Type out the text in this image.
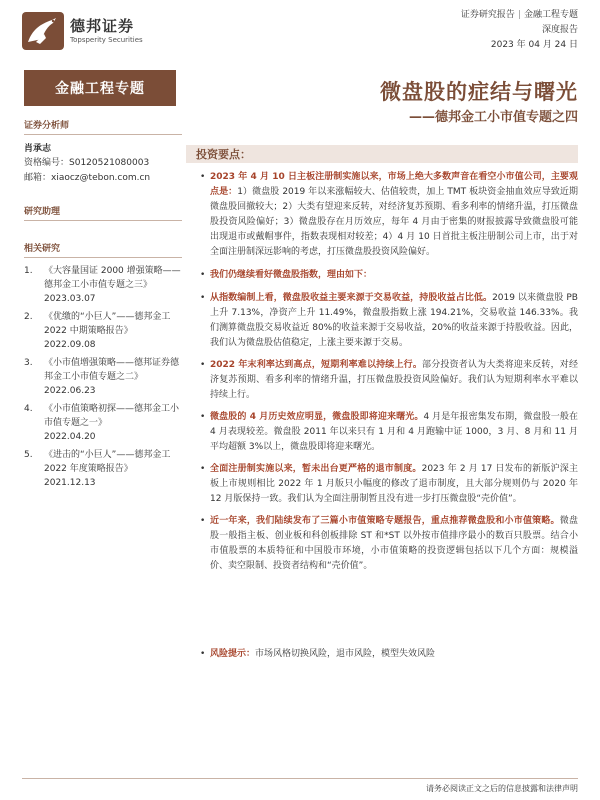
德邦证券
Topsperity Securities
证券研究报告 | 金融工程专题
深度报告
2023 年 04 月 24 日
金融工程专题	微盘股的症结与曙光
——德邦金工小市值专题之四
证券分析师
肖承志
资格编号：S0120521080003
邮箱：xiaocz@tebon.com.cn
研究助理
相关研究
1.	《大容量国证 2000 增强策略——德邦金工小市值专题之三》
2023.03.07
2.	《优缴的“小巨人”——德邦金工 2022 中期策略报告》
2022.09.08
3.	《小市值增强策略——德邦证券德邦金工小市值专题之二》
2022.06.23
4.	《小市值策略初探——德邦金工小市值专题之一》
2022.04.20
5.	《进击的“小巨人”——德邦金工 2022 年度策略报告》
2021.12.13
投资要点：
• 2023 年 4 月 10 日主板注册制实施以来，市场上绝大多数声音在看空小市值公司，主要观点是：1）微盘股 2019 年以来涨幅较大、估值较贵，加上 TMT 板块资金抽血效应导致近期微盘股回撤较大；2）大类有望迎来反转，对经济复苏预期、看多利率的情绪升温，打压微盘股投资风险偏好；3）微盘股存在月历效应，每年 4 月由于密集的财报披露导致微盘股可能出现退市或戴帽事件，指数表现相对较差；4）4 月 10 日首批主板注册制公司上市，出于对全面注册制深远影响的考虑，打压微盘股投资风险偏好。
• 我们仍继续看好微盘股指数，理由如下：
• 从指数编制上看，微盘股收益主要来源于交易收益，持股收益占比低。2019 以来微盘股 PB 上升 7.13%，净资产上升 11.49%，微盘股指数上涨 194.21%，交易收益 146.33%。我们测算微盘股交易收益近 80%的收益来源于交易收益，20%的收益来源于持股收益。因此，我们认为微盘股估值稳定，上涨主要来源于交易。
• 2022 年末利率达到高点，短期利率难以持续上行。部分投资者认为大类将迎来反转，对经济复苏预期、看多利率的情绪升温，打压微盘股投资风险偏好。我们认为短期利率水平难以持续上行。
• 微盘股的 4 月历史效应明显，微盘股即将迎来曙光。4 月是年报密集发布期，微盘股一般在 4 月表现较差。微盘股 2011 年以来只有 1 月和 4 月跑输中证 1000，3 月、8 月和 11 月平均超额 3%以上，微盘股即将迎来曙光。
• 全面注册制实施以来，暂未出台更严格的退市制度。2023 年 2 月 17 日发布的新版沪深主板上市规则相比 2022 年 1 月版只小幅度的修改了退市制度，且大部分规则仍与 2020 年 12 月版保持一致。我们认为全面注册制暂且没有进一步打压微盘股“壳价值”。
• 近一年来，我们陆续发布了三篇小市值策略专题报告，重点推荐微盘股和小市值策略。微盘股一般指主板、创业板和科创板排除 ST 和*ST 以外按市值排序最小的数百只股票。结合小市值股票的本质特征和中国股市环境，小市值策略的投资逻辑包括以下几个方面：规模溢价、卖空限制、投资者结构和“壳价值”。
• 风险提示：市场风格切换风险，退市风险，模型失效风险
请务必阅读正文之后的信息披露和法律声明
